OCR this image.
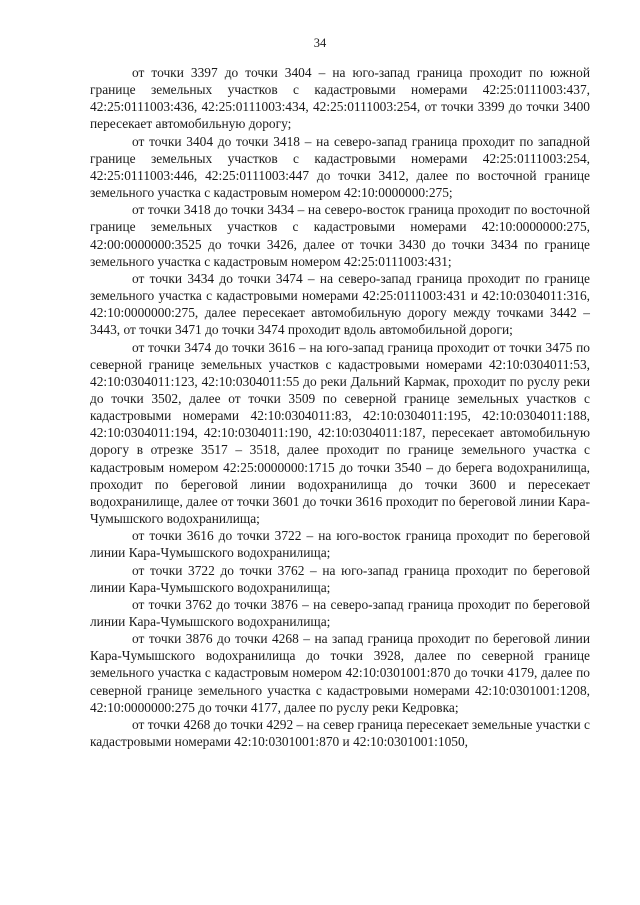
34

от точки 3397 до точки 3404 – на юго-запад граница проходит по южной границе земельных участков с кадастровыми номерами 42:25:0111003:437, 42:25:0111003:436, 42:25:0111003:434, 42:25:0111003:254, от точки 3399 до точки 3400 пересекает автомобильную дорогу;

от точки 3404 до точки 3418 – на северо-запад граница проходит по западной границе земельных участков с кадастровыми номерами 42:25:0111003:254, 42:25:0111003:446, 42:25:0111003:447 до точки 3412, далее по восточной границе земельного участка с кадастровым номером 42:10:0000000:275;

от точки 3418 до точки 3434 – на северо-восток граница проходит по восточной границе земельных участков с кадастровыми номерами 42:10:0000000:275, 42:00:0000000:3525 до точки 3426, далее от точки 3430 до точки 3434 по границе земельного участка с кадастровым номером 42:25:0111003:431;

от точки 3434 до точки 3474 – на северо-запад граница проходит по границе земельного участка с кадастровыми номерами 42:25:0111003:431 и 42:10:0304011:316, 42:10:0000000:275, далее пересекает автомобильную дорогу между точками 3442 – 3443, от точки 3471 до точки 3474 проходит вдоль автомобильной дороги;

от точки 3474 до точки 3616 – на юго-запад граница проходит от точки 3475 по северной границе земельных участков с кадастровыми номерами 42:10:0304011:53, 42:10:0304011:123, 42:10:0304011:55 до реки Дальний Кармак, проходит по руслу реки до точки 3502, далее от точки 3509 по северной границе земельных участков с кадастровыми номерами 42:10:0304011:83, 42:10:0304011:195, 42:10:0304011:188, 42:10:0304011:194, 42:10:0304011:190, 42:10:0304011:187, пересекает автомобильную дорогу в отрезке 3517 – 3518, далее проходит по границе земельного участка с кадастровым номером 42:25:0000000:1715 до точки 3540 – до берега водохранилища, проходит по береговой линии водохранилища до точки 3600 и пересекает водохранилище, далее от точки 3601 до точки 3616 проходит по береговой линии Кара-Чумышского водохранилища;

от точки 3616 до точки 3722 – на юго-восток граница проходит по береговой линии Кара-Чумышского водохранилища;

от точки 3722 до точки 3762 – на юго-запад граница проходит по береговой линии Кара-Чумышского водохранилища;

от точки 3762 до точки 3876 – на северо-запад граница проходит по береговой линии Кара-Чумышского водохранилища;

от точки 3876 до точки 4268 – на запад граница проходит по береговой линии Кара-Чумышского водохранилища до точки 3928, далее по северной границе земельного участка с кадастровым номером 42:10:0301001:870 до точки 4179, далее по северной границе земельного участка с кадастровыми номерами 42:10:0301001:1208, 42:10:0000000:275 до точки 4177, далее по руслу реки Кедровка;

от точки 4268 до точки 4292 – на север граница пересекает земельные участки с кадастровыми номерами 42:10:0301001:870 и 42:10:0301001:1050,
